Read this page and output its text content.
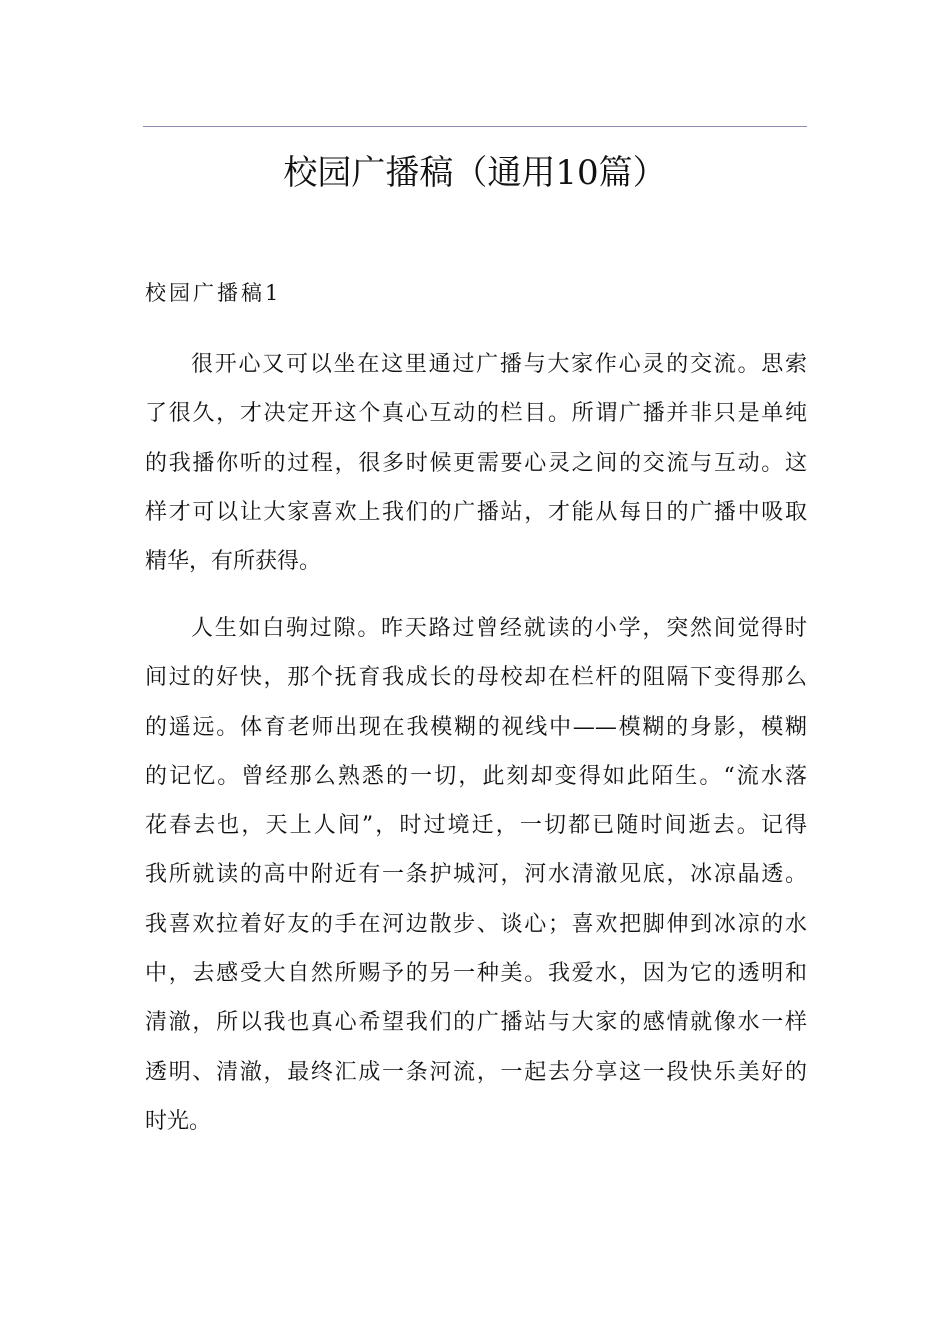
校园广播稿（通用10篇）
校园广播稿1
很开心又可以坐在这里通过广播与大家作心灵的交流。思索
了很久，才决定开这个真心互动的栏目。所谓广播并非只是单纯
的我播你听的过程，很多时候更需要心灵之间的交流与互动。这
样才可以让大家喜欢上我们的广播站，才能从每日的广播中吸取
精华，有所获得。
人生如白驹过隙。昨天路过曾经就读的小学，突然间觉得时
间过的好快，那个抚育我成长的母校却在栏杆的阻隔下变得那么
的遥远。体育老师出现在我模糊的视线中——模糊的身影，模糊
的记忆。曾经那么熟悉的一切，此刻却变得如此陌生。“流水落
花春去也，天上人间”，时过境迁，一切都已随时间逝去。记得
我所就读的高中附近有一条护城河，河水清澈见底，冰凉晶透。
我喜欢拉着好友的手在河边散步、谈心；喜欢把脚伸到冰凉的水
中，去感受大自然所赐予的另一种美。我爱水，因为它的透明和
清澈，所以我也真心希望我们的广播站与大家的感情就像水一样
透明、清澈，最终汇成一条河流，一起去分享这一段快乐美好的
时光。
